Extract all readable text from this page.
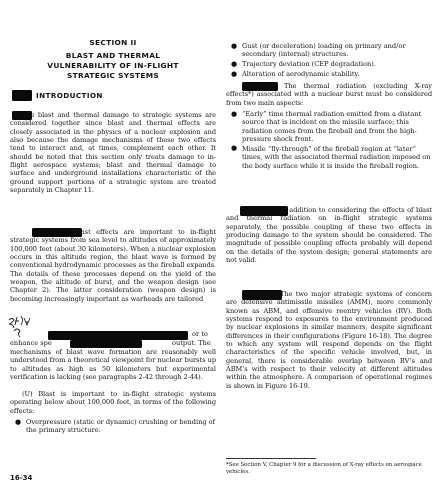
SECTION II
BLAST AND THERMAL
VULNERABILITY OF IN-FLIGHT
STRATEGIC SYSTEMS
INTRODUCTION

The blast and thermal damage to strategic systems are considered together since blast and thermal effects are closely associated in the physics of a nuclear explosion and also because the damage mechanisms of these two effects tend to interact and, at times, complement each other. It should be noted that this section only treats damage to in-flight aerospace systems; blast and thermal damage to surface and underground installations characteristic of the ground support portions of a strategic system are treated separately in Chapter 11.

Blast effects are important to in-flight strategic systems from sea level to altitudes of approximately 100,000 feet (about 30 kilometers). When a nuclear explosion occurs in this altitude region, the blast wave is formed by conventional hydrodynamic processes as the fireball expands. The details of these processes depend on the yield of the weapon, the altitude of burst, and the weapon design (see Chapter 2). The latter consideration (weapon design) is becoming increasingly important as warheads are tailored

or to
enhance spe	output. The

mechanisms of blast wave formation are reasonably well understood from a theoretical viewpoint for nuclear bursts up to altitudes as high as 50 kilometers but experimental verification is lacking (see paragraphs 2-42 through 2-44).

(U) Blast is important to in-flight strategic systems operating below about 100,000 feet, in terms of the following effects:

● Overpressure (static or dynamic) crushing or bending of the primary structure.
16-34
● Gust (or deceleration) loading on primary and/or secondary (internal) structures.
● Trajectory deviation (CEP degradation).
● Alteration of aerodynamic stability.

The thermal radiation (excluding X-ray effects*) associated with a nuclear burst must be considered from two main aspects:

● “Early” time thermal radiation emitted from a distant source that is incident on the missile surface; this radiation comes from the fireball and from the high-pressure shock front.
● Missile “fly-through” of the fireball region at “later” times, with the associated thermal radiation imposed on the body surface while it is inside the fireball region.

In addition to considering the effects of blast and thermal radiation on in-flight strategic systems separately, the possible coupling of these two effects in producing damage to the system should be considered. The magnitude of possible coupling effects probably will depend on the details of the system design; general statements are not valid.

The two major strategic systems of concern are defensive antimissile missiles (AMM), more commonly known as ABM, and offensive reentry vehicles (RV). Both systems respond to exposures to the environment produced by nuclear explosions in similar manners, despite significant differences in their configurations (Figure 16-18). The degree to which any system will respond depends on the flight characteristics of the specific vehicle involved, but, in general, there is considerable overlap between RV’s and ABM’s with respect to their velocity at different altitudes within the atmosphere. A comparison of operational regimes is shown in Figure 16-19.

*See Section V, Chapter 9 for a discussion of X-ray effects on aerospace vehicles.
